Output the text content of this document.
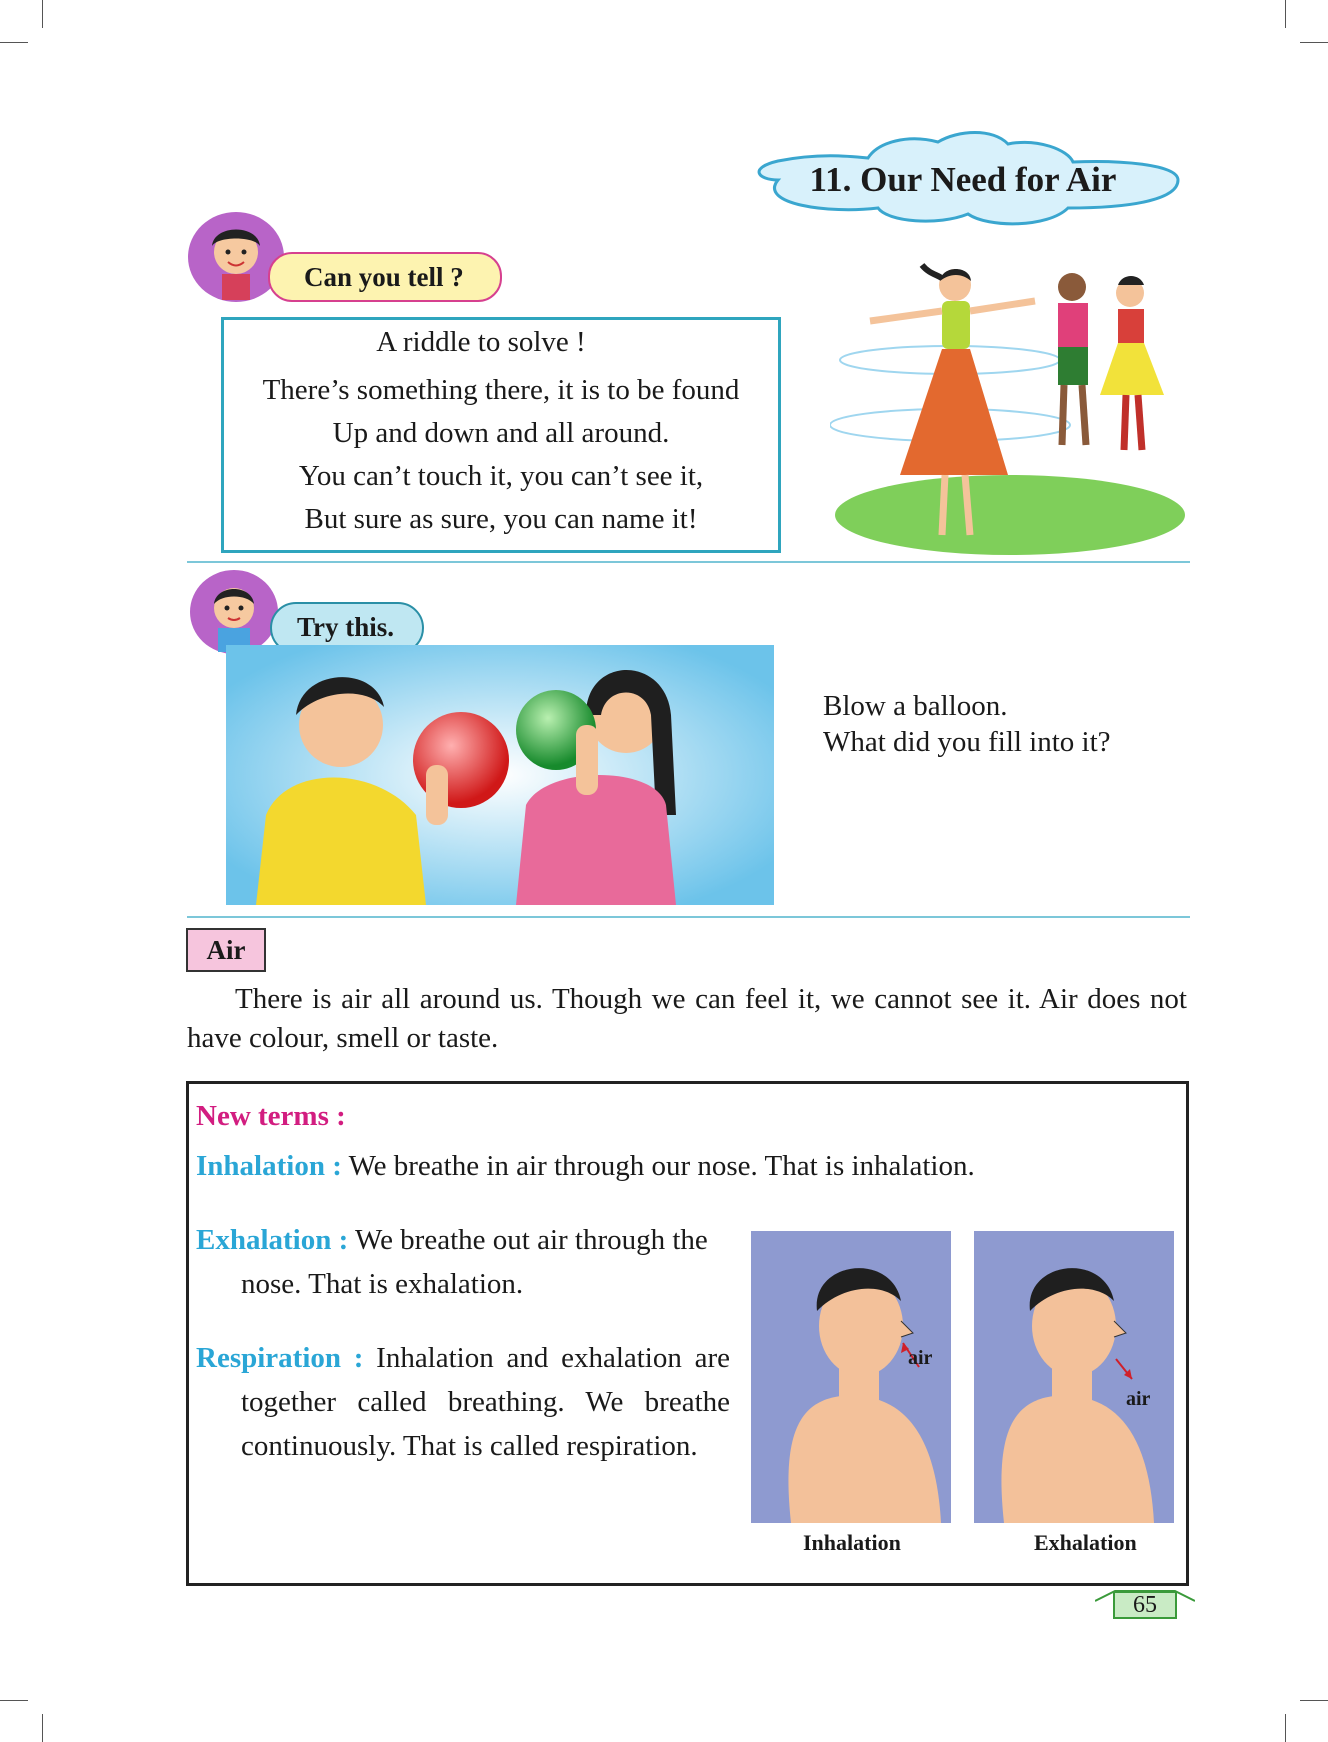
11. Our Need for Air
Can you tell ?
A riddle to solve !
There’s something there, it is to be found
Up and down and all around.
You can’t touch it, you can’t see it,
But sure as sure, you can name it!
Try this.
Blow a balloon.
What did you fill into it?
Air
There is air all around us. Though we can feel it, we cannot see it. Air does not have colour, smell or taste.
New terms :
Inhalation : We breathe in air through our nose. That is inhalation.
Exhalation : We breathe out air through the nose. That is exhalation.
Respiration : Inhalation and exhalation are together called breathing. We breathe continuously. That is called respiration.
air
air
Inhalation	Exhalation
65
